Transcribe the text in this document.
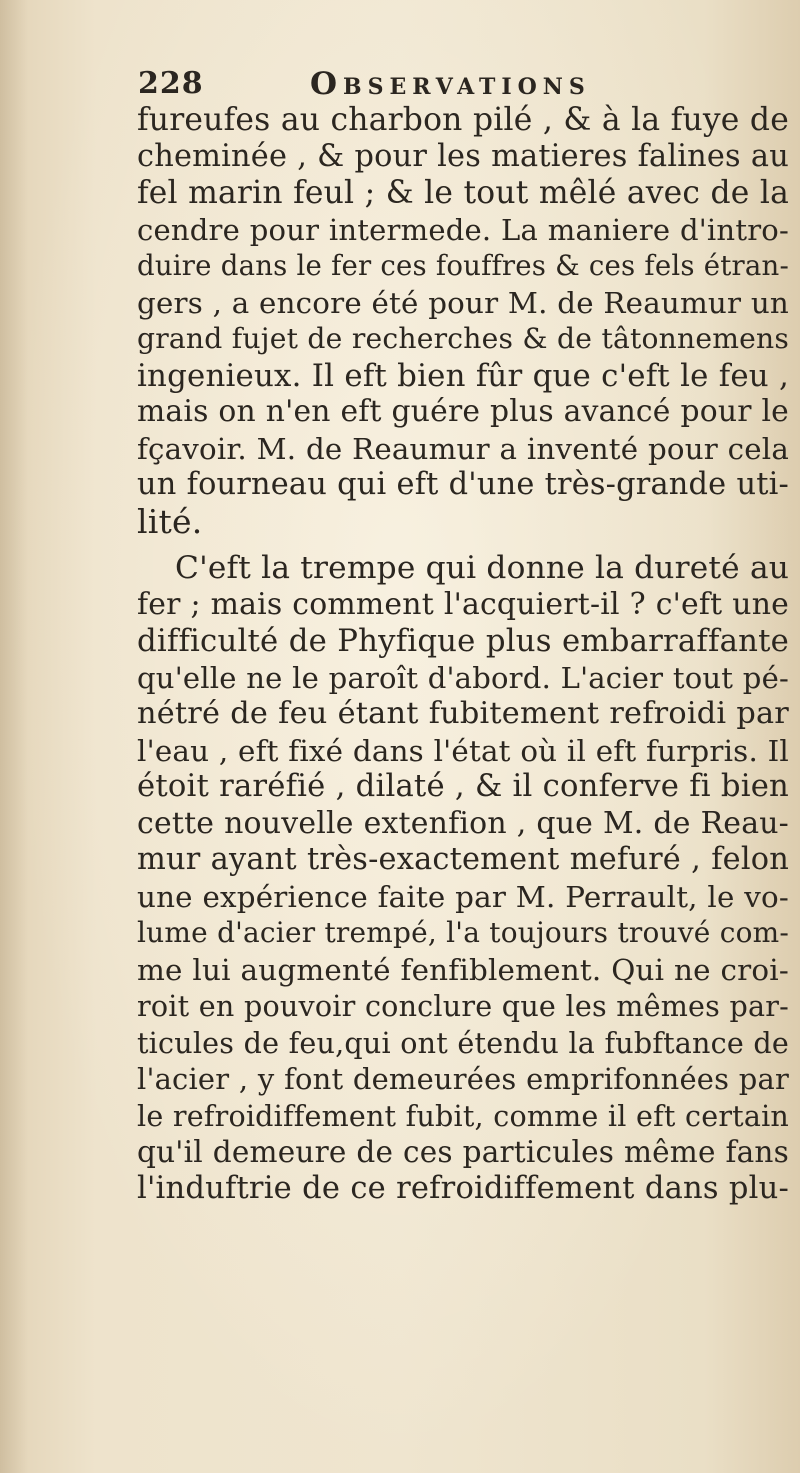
228	Observations
fureufes au charbon pilé , & à la fuye de
cheminée , & pour les matieres falines au
fel marin feul ; & le tout mêlé avec de la
cendre pour intermede. La maniere d'intro-
duire dans le fer ces fouffres & ces fels étran-
gers , a encore été pour M. de Reaumur un
grand fujet de recherches & de tâtonnemens
ingenieux. Il eft bien fûr que c'eft le feu ,
mais on n'en eft guére plus avancé pour le
fçavoir. M. de Reaumur a inventé pour cela
un fourneau qui eft d'une très-grande uti-
lité.
C'eft la trempe qui donne la dureté au
fer ; mais comment l'acquiert-il ? c'eft une
difficulté de Phyfique plus embarraffante
qu'elle ne le paroît d'abord. L'acier tout pé-
nétré de feu étant fubitement refroidi par
l'eau , eft fixé dans l'état où il eft furpris. Il
étoit raréfié , dilaté , & il conferve fi bien
cette nouvelle extenfion , que M. de Reau-
mur ayant très-exactement mefuré , felon
une expérience faite par M. Perrault, le vo-
lume d'acier trempé, l'a toujours trouvé com-
me lui augmenté fenfiblement. Qui ne croi-
roit en pouvoir conclure que les mêmes par-
ticules de feu,qui ont étendu la fubftance de
l'acier , y font demeurées emprifonnées par
le refroidiffement fubit, comme il eft certain
qu'il demeure de ces particules même fans
l'induftrie de ce refroidiffement dans plu-
